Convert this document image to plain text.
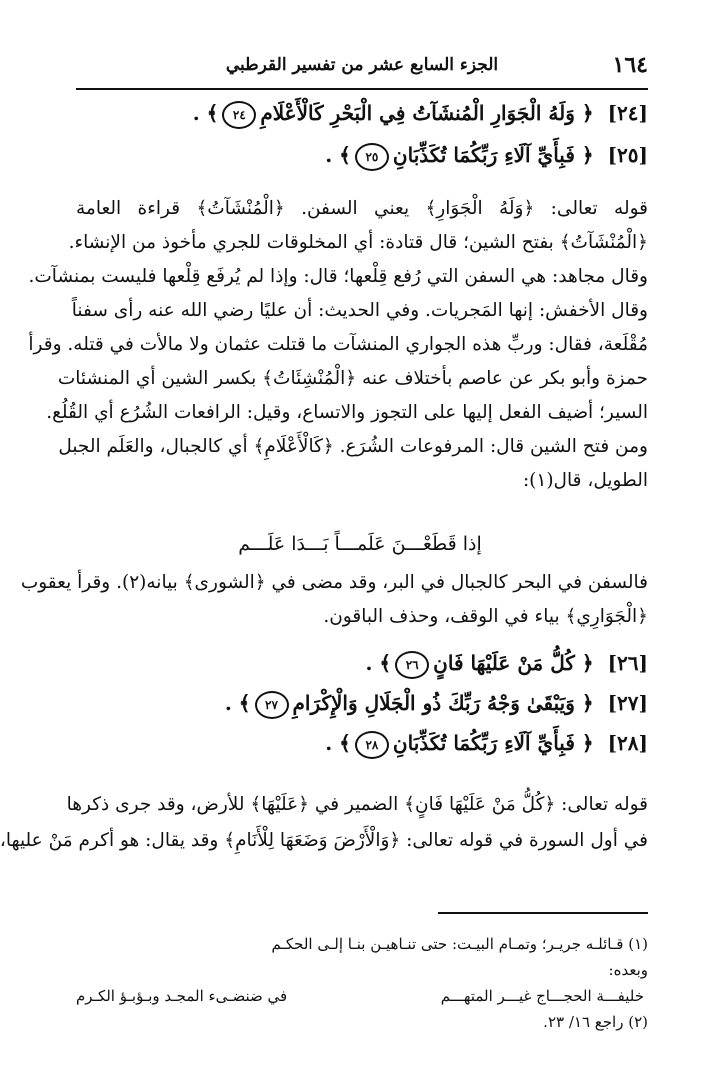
١٦٤
الجزء السابع عشر من تفسير القرطبي
[٢٤]﴿ وَلَهُ الْجَوَارِ الْمُنشَآتُ فِي الْبَحْرِ كَالْأَعْلَامِ٢٤﴾ .
[٢٥]﴿ فَبِأَيِّ آلَاءِ رَبِّكُمَا تُكَذِّبَانِ٢٥﴾ .
قوله تعالى: ﴿وَلَهُ الْجَوَارِ﴾ يعني السفن. ﴿الْمُنْشَآتُ﴾ قراءة العامة
﴿الْمُنْشَآتُ﴾ بفتح الشين؛ قال قتادة: أي المخلوقات للجري مأخوذ من الإنشاء.
وقال مجاهد: هي السفن التي رُفع قِلْعها؛ قال: وإذا لم يُرفَع قِلْعها فليست بمنشآت.
وقال الأخفش: إنها المَجريات. وفي الحديث: أن عليًا رضي الله عنه رأى سفناً
مُقْلَعة، فقال: وربِّ هذه الجواري المنشآت ما قتلت عثمان ولا مالأت في قتله. وقرأ
حمزة وأبو بكر عن عاصم بأختلاف عنه ﴿الْمُنْشِئَاتُ﴾ بكسر الشين أي المنشئات
السير؛ أضيف الفعل إليها على التجوز والاتساع، وقيل: الرافعات الشُرُع أي القُلُع.
ومن فتح الشين قال: المرفوعات الشُرَع. ﴿كَالْأَعْلَامِ﴾ أي كالجبال، والعَلَم الجبل
الطويل، قال(١):
إذا قَطَعْـــنَ عَلَمـــاً بَـــدَا عَلَـــم
فالسفن في البحر كالجبال في البر، وقد مضى في ﴿الشورى﴾ بيانه(٢). وقرأ يعقوب
﴿الْجَوَارِي﴾ بياء في الوقف، وحذف الباقون.
[٢٦]﴿ كُلُّ مَنْ عَلَيْهَا فَانٍ٢٦﴾ .
[٢٧]﴿ وَيَبْقَىٰ وَجْهُ رَبِّكَ ذُو الْجَلَالِ وَالْإِكْرَامِ٢٧﴾ .
[٢٨]﴿ فَبِأَيِّ آلَاءِ رَبِّكُمَا تُكَذِّبَانِ٢٨﴾ .
قوله تعالى: ﴿كُلُّ مَنْ عَلَيْهَا فَانٍ﴾ الضمير في ﴿عَلَيْهَا﴾ للأرض، وقد جرى ذكرها
في أول السورة في قوله تعالى: ﴿وَالْأَرْضَ وَضَعَهَا لِلْأَنَامِ﴾ وقد يقال: هو أكرم مَنْ عليها،
(١) قـائلـه جريـر؛ وتمـام البيـت: حتى تنـاهيـن بنـا إلـى الحكـم
وبعده:
خليفـــة الحجـــاج غيـــر المتهـــم
في ضنضـىء المجـد وبـؤبـؤ الكـرم
(٢) راجع ١٦/ ٢٣.
